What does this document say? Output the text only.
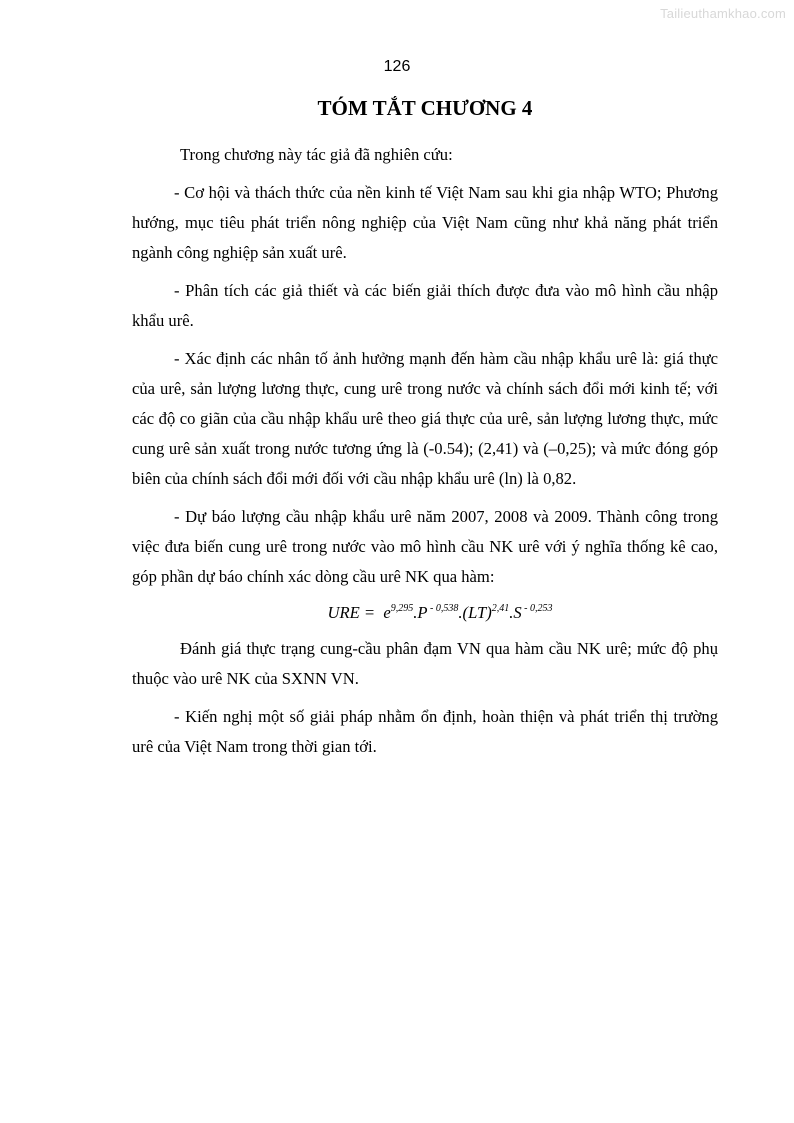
Tailieuthamkhao.com
126
TÓM TẮT CHƯƠNG 4

Trong chương này tác giả đã nghiên cứu:

- Cơ hội và thách thức của nền kinh tế Việt Nam sau khi gia nhập WTO; Phương hướng, mục tiêu phát triển nông nghiệp của Việt Nam cũng như khả năng phát triển ngành công nghiệp sản xuất urê.

- Phân tích các giả thiết và các biến giải thích được đưa vào mô hình cầu nhập khẩu urê.

- Xác định các nhân tố ảnh hưởng mạnh đến hàm cầu nhập khẩu urê là: giá thực của urê, sản lượng lương thực, cung urê trong nước và chính sách đổi mới kinh tế; với các độ co giãn của cầu nhập khẩu urê theo giá thực của urê, sản lượng lương thực, mức cung urê sản xuất trong nước tương ứng là (-0.54); (2,41) và (–0,25); và mức đóng góp biên của chính sách đổi mới đối với cầu nhập khẩu urê (ln) là 0,82.

- Dự báo lượng cầu nhập khẩu urê năm 2007, 2008 và 2009. Thành công trong việc đưa biến cung urê trong nước vào mô hình cầu NK urê với ý nghĩa thống kê cao, góp phần dự báo chính xác dòng cầu urê NK qua hàm:

URE = $e^{9,295}.P$ $^{- 0,538}$.(LT)$^{2,41}$.S $^{- 0,253}$

Đánh giá thực trạng cung-cầu phân đạm VN qua hàm cầu NK urê; mức độ phụ thuộc vào urê NK của SXNN VN.

- Kiến nghị một số giải pháp nhằm ổn định, hoàn thiện và phát triển thị trường urê của Việt Nam trong thời gian tới.
